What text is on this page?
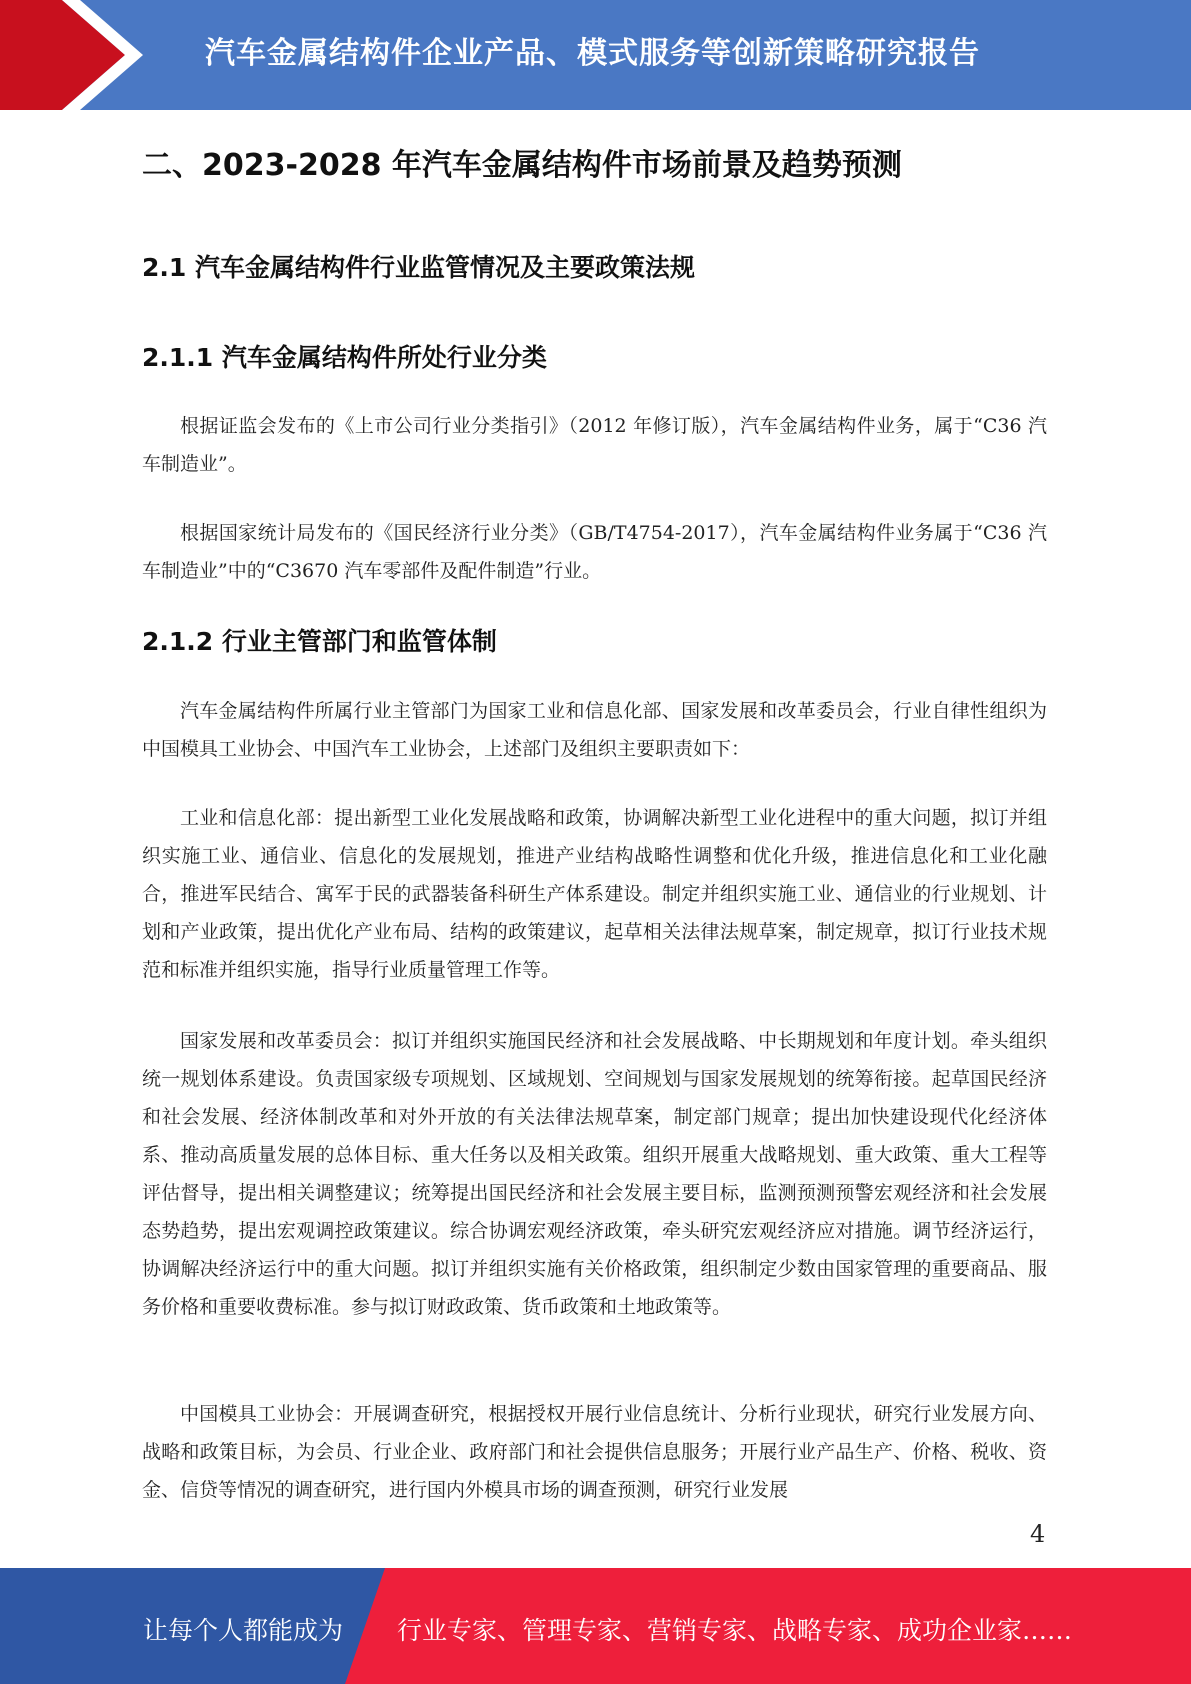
汽车金属结构件企业产品、模式服务等创新策略研究报告
二、2023-2028 年汽车金属结构件市场前景及趋势预测
2.1 汽车金属结构件行业监管情况及主要政策法规
2.1.1 汽车金属结构件所处行业分类

根据证监会发布的《上市公司行业分类指引》（2012 年修订版），汽车金属结构件业务，属于“C36 汽车制造业”。

根据国家统计局发布的《国民经济行业分类》（GB/T4754-2017），汽车金属结构件业务属于“C36 汽车制造业”中的“C3670 汽车零部件及配件制造”行业。

2.1.2 行业主管部门和监管体制

汽车金属结构件所属行业主管部门为国家工业和信息化部、国家发展和改革委员会，行业自律性组织为中国模具工业协会、中国汽车工业协会，上述部门及组织主要职责如下：

工业和信息化部：提出新型工业化发展战略和政策，协调解决新型工业化进程中的重大问题，拟订并组织实施工业、通信业、信息化的发展规划，推进产业结构战略性调整和优化升级，推进信息化和工业化融合，推进军民结合、寓军于民的武器装备科研生产体系建设。制定并组织实施工业、通信业的行业规划、计划和产业政策，提出优化产业布局、结构的政策建议，起草相关法律法规草案，制定规章，拟订行业技术规范和标准并组织实施，指导行业质量管理工作等。

国家发展和改革委员会：拟订并组织实施国民经济和社会发展战略、中长期规划和年度计划。牵头组织统一规划体系建设。负责国家级专项规划、区域规划、空间规划与国家发展规划的统筹衔接。起草国民经济和社会发展、经济体制改革和对外开放的有关法律法规草案，制定部门规章；提出加快建设现代化经济体系、推动高质量发展的总体目标、重大任务以及相关政策。组织开展重大战略规划、重大政策、重大工程等评估督导，提出相关调整建议；统筹提出国民经济和社会发展主要目标，监测预测预警宏观经济和社会发展态势趋势，提出宏观调控政策建议。综合协调宏观经济政策，牵头研究宏观经济应对措施。调节经济运行，协调解决经济运行中的重大问题。拟订并组织实施有关价格政策，组织制定少数由国家管理的重要商品、服务价格和重要收费标准。参与拟订财政政策、货币政策和土地政策等。

中国模具工业协会：开展调查研究，根据授权开展行业信息统计、分析行业现状，研究行业发展方向、战略和政策目标，为会员、行业企业、政府部门和社会提供信息服务；开展行业产品生产、价格、税收、资金、信贷等情况的调查研究，进行国内外模具市场的调查预测，研究行业发展

4
让每个人都能成为 行业专家、管理专家、营销专家、战略专家、成功企业家……
